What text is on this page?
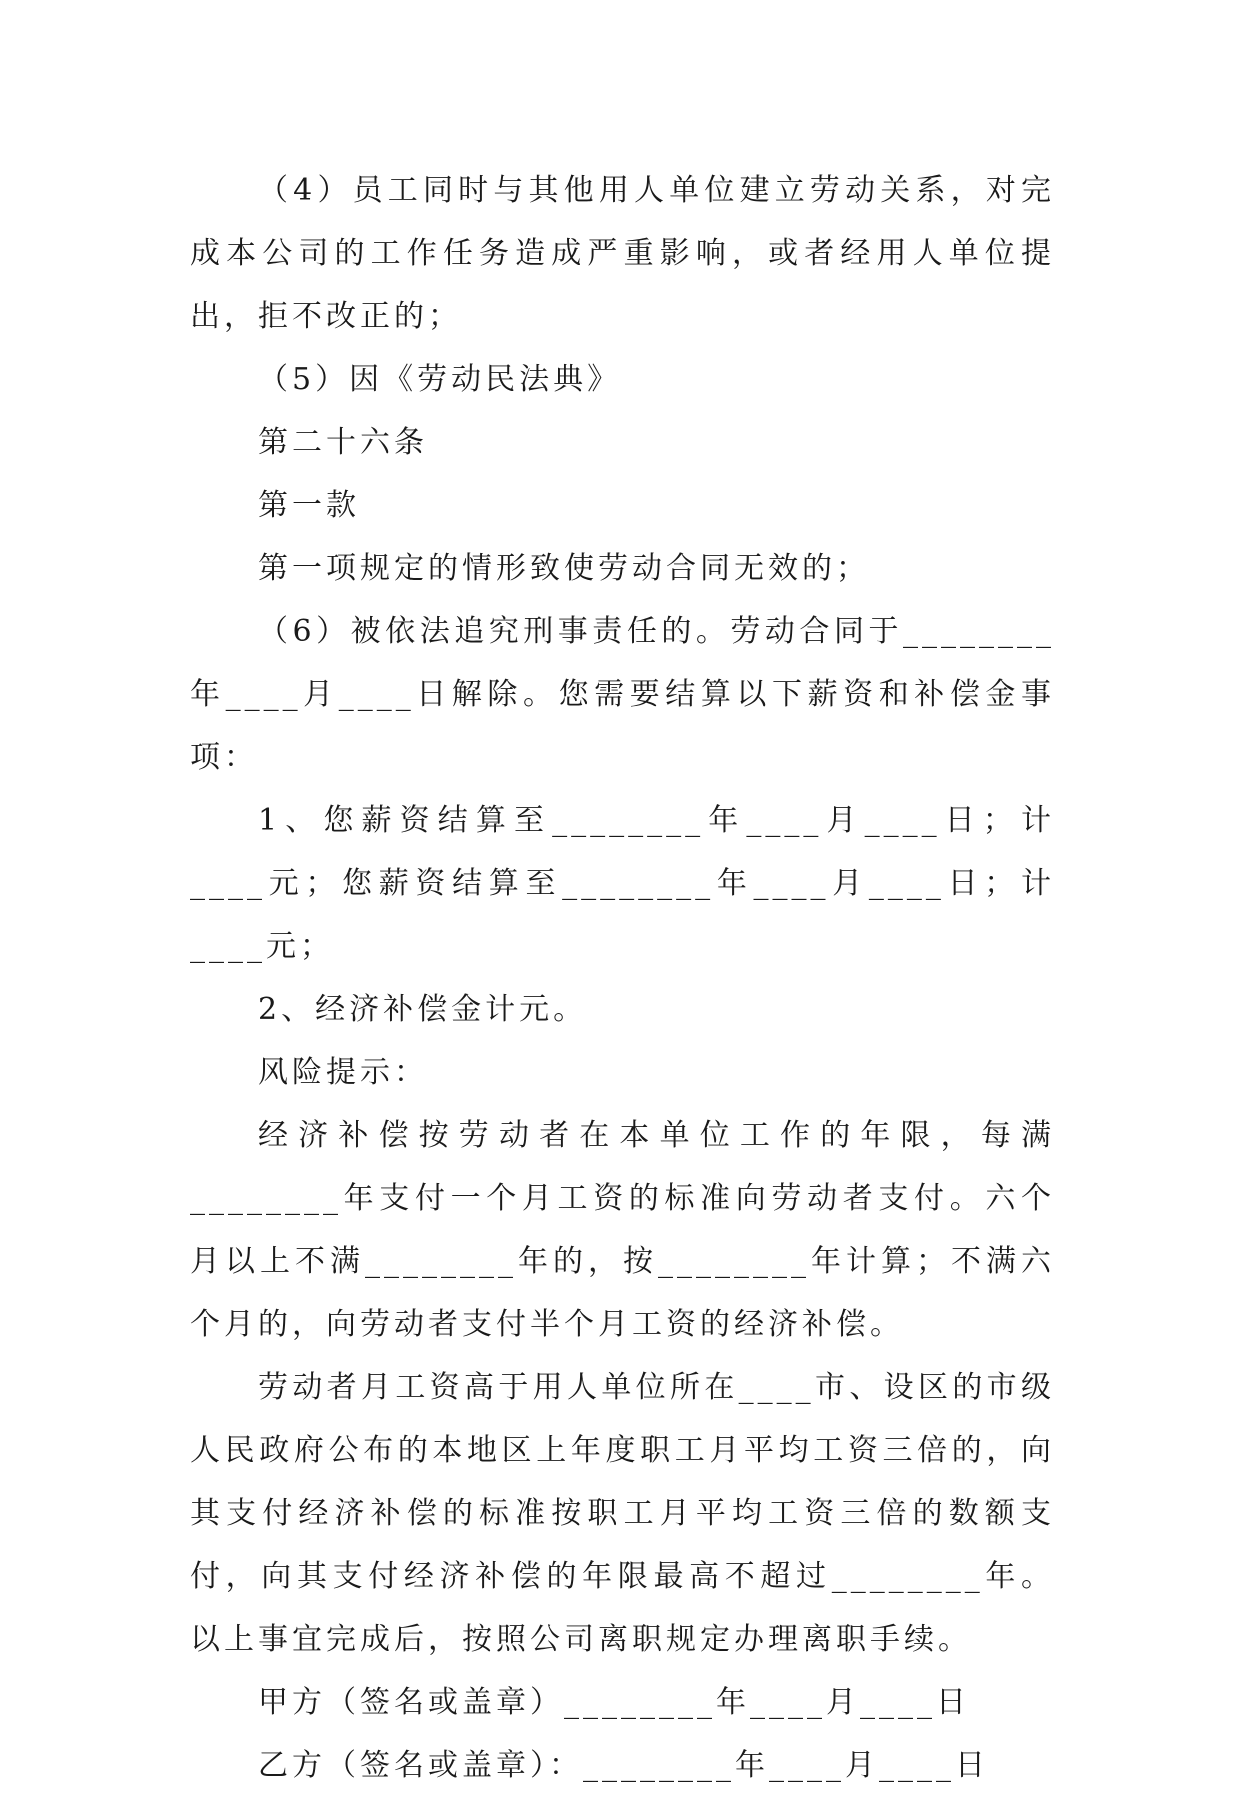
（4）员工同时与其他用人单位建立劳动关系，对完成本公司的工作任务造成严重影响，或者经用人单位提出，拒不改正的；

（5）因《劳动民法典》

第二十六条

第一款

第一项规定的情形致使劳动合同无效的；

（6）被依法追究刑事责任的。劳动合同于________年____月____日解除。您需要结算以下薪资和补偿金事项：

1、您薪资结算至________年____月____日；计____元；您薪资结算至________年____月____日；计____元；

2、经济补偿金计元。

风险提示：

经济补偿按劳动者在本单位工作的年限，每满________年支付一个月工资的标准向劳动者支付。六个月以上不满________年的，按________年计算；不满六个月的，向劳动者支付半个月工资的经济补偿。

劳动者月工资高于用人单位所在____市、设区的市级人民政府公布的本地区上年度职工月平均工资三倍的，向其支付经济补偿的标准按职工月平均工资三倍的数额支付，向其支付经济补偿的年限最高不超过________年。以上事宜完成后，按照公司离职规定办理离职手续。

甲方（签名或盖章）________年____月____日

乙方（签名或盖章）：________年____月____日
